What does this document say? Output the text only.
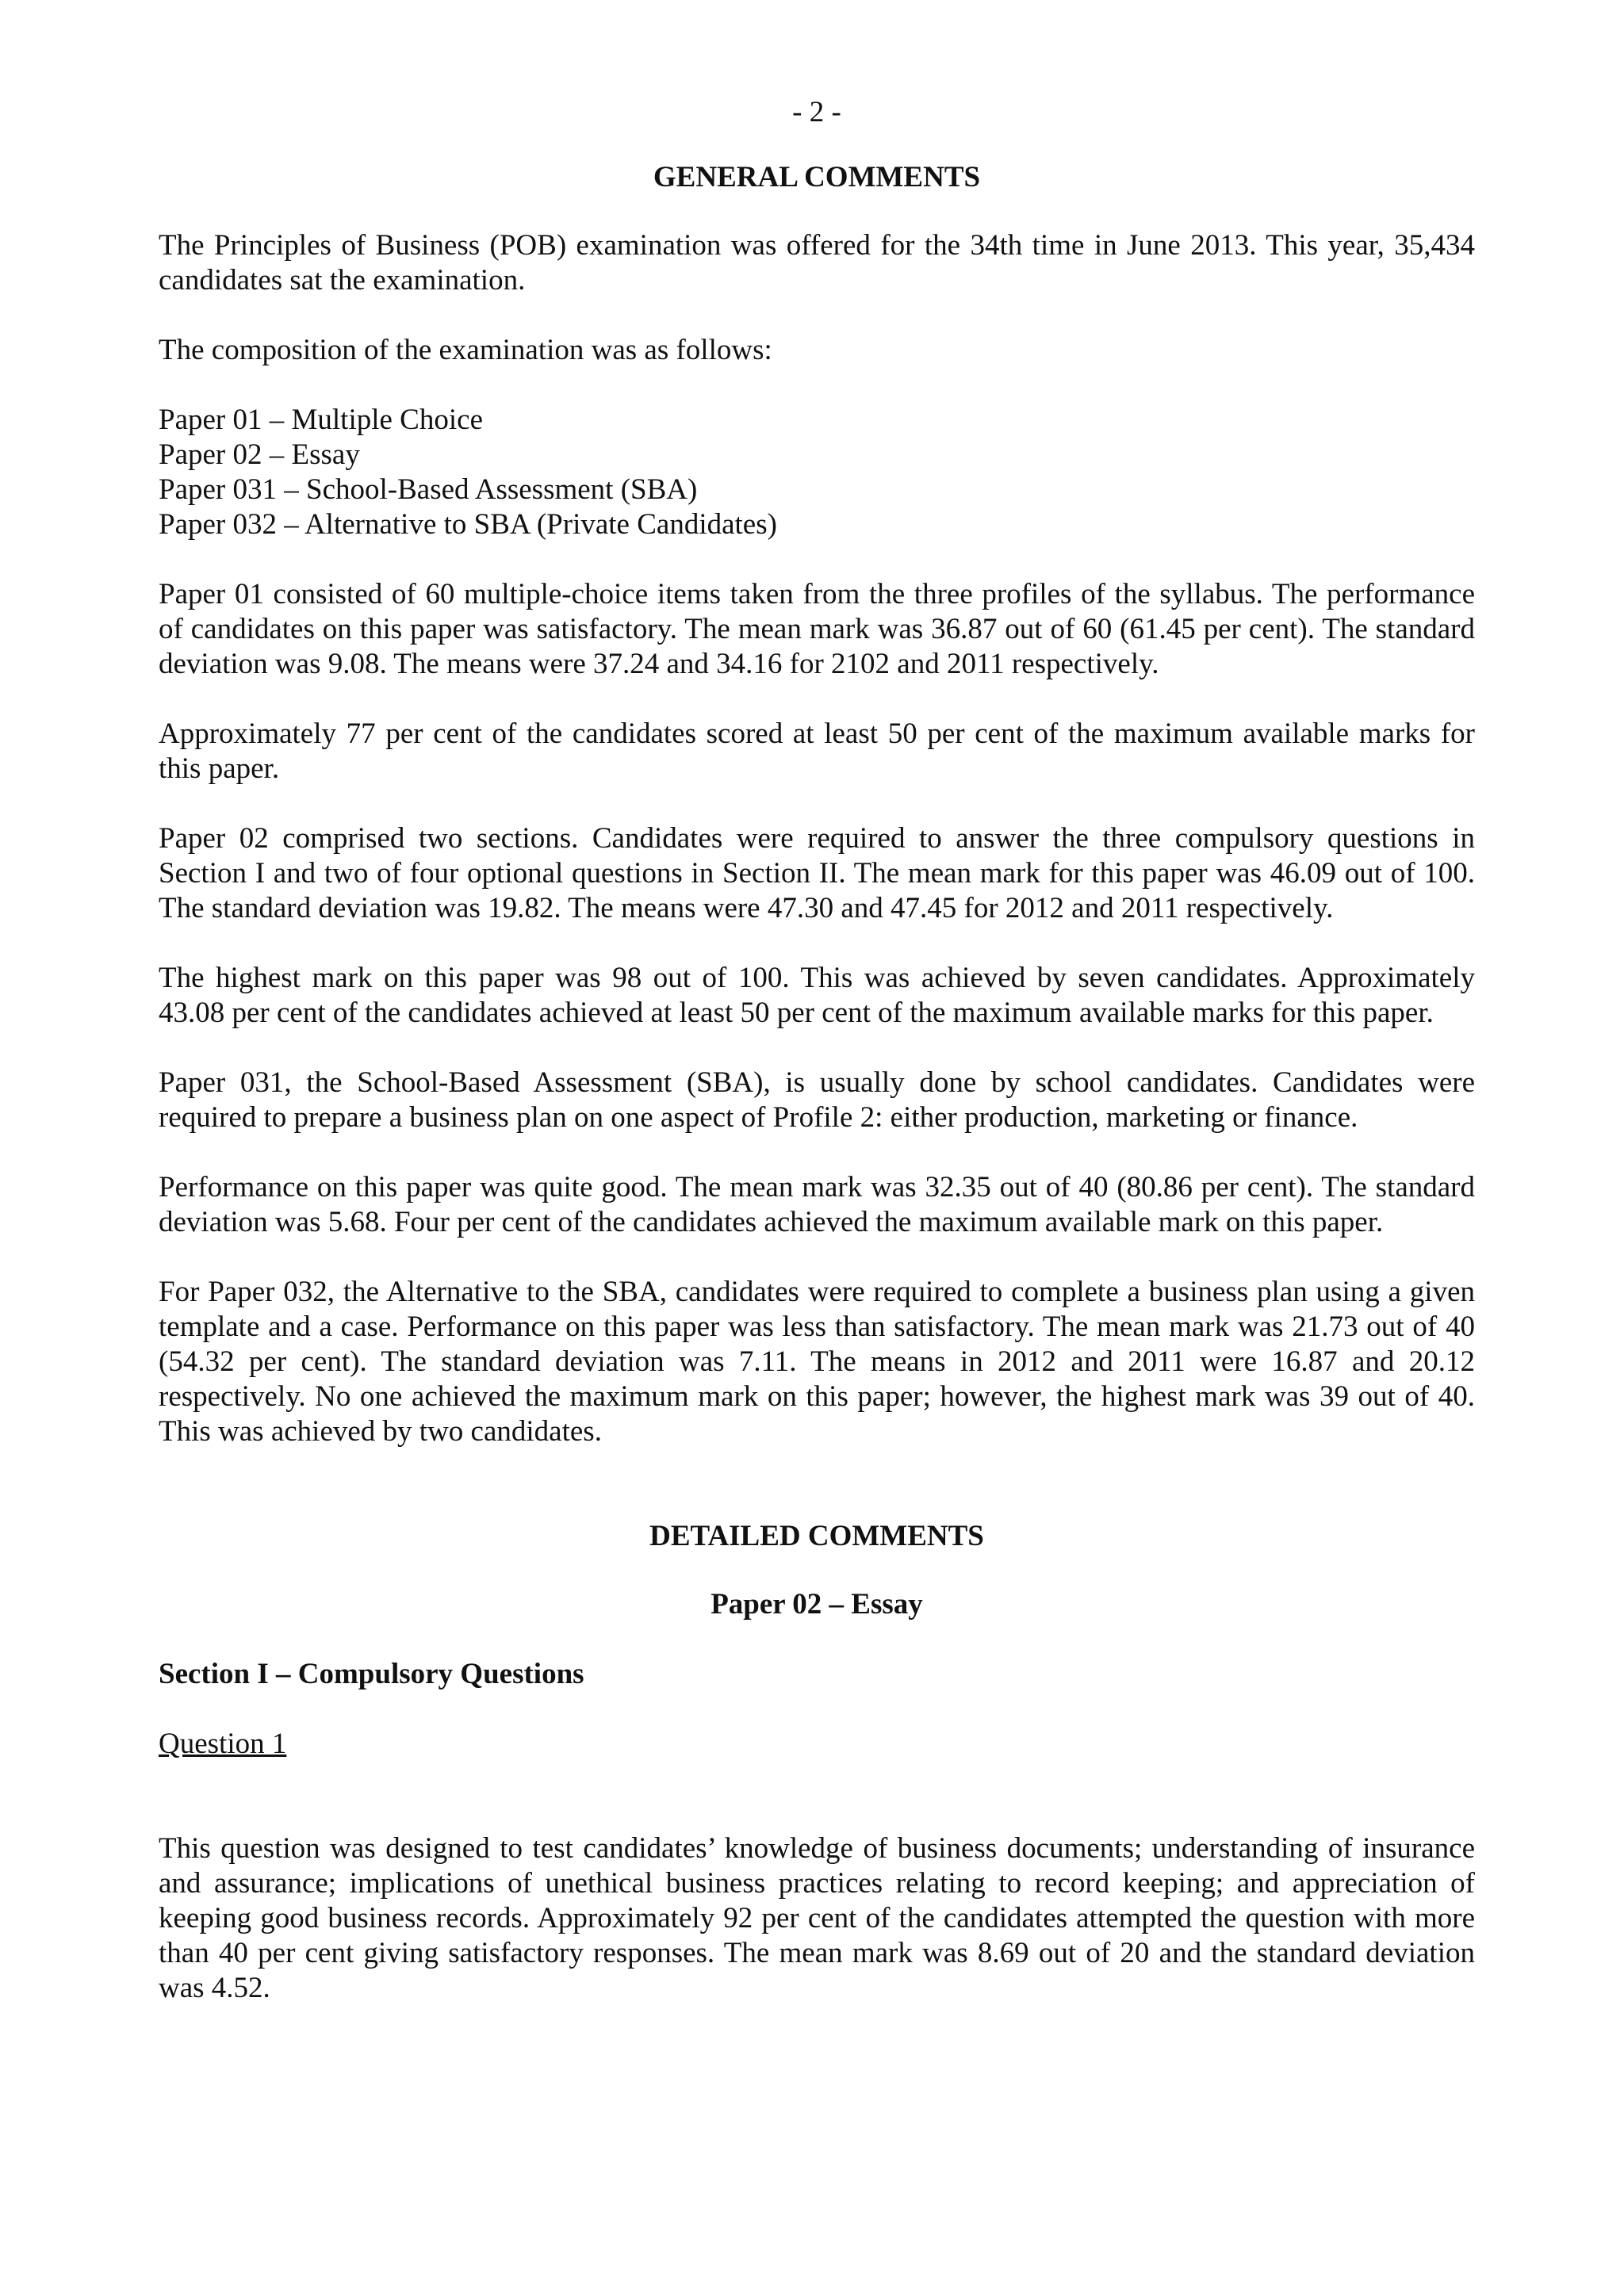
- 2 -
GENERAL COMMENTS

The Principles of Business (POB) examination was offered for the 34th time in June 2013. This year, 35,434 candidates sat the examination.

The composition of the examination was as follows:

Paper 01 – Multiple Choice
Paper 02 – Essay
Paper 031 – School-Based Assessment (SBA)
Paper 032 – Alternative to SBA (Private Candidates)

Paper 01 consisted of 60 multiple-choice items taken from the three profiles of the syllabus. The performance of candidates on this paper was satisfactory. The mean mark was 36.87 out of 60 (61.45 per cent). The standard deviation was 9.08. The means were 37.24 and 34.16 for 2102 and 2011 respectively.

Approximately 77 per cent of the candidates scored at least 50 per cent of the maximum available marks for this paper.

Paper 02 comprised two sections. Candidates were required to answer the three compulsory questions in Section I and two of four optional questions in Section II. The mean mark for this paper was 46.09 out of 100. The standard deviation was 19.82. The means were 47.30 and 47.45 for 2012 and 2011 respectively.

The highest mark on this paper was 98 out of 100. This was achieved by seven candidates. Approximately 43.08 per cent of the candidates achieved at least 50 per cent of the maximum available marks for this paper.

Paper 031, the School-Based Assessment (SBA), is usually done by school candidates. Candidates were required to prepare a business plan on one aspect of Profile 2: either production, marketing or finance.

Performance on this paper was quite good. The mean mark was 32.35 out of 40 (80.86 per cent). The standard deviation was 5.68. Four per cent of the candidates achieved the maximum available mark on this paper.

For Paper 032, the Alternative to the SBA, candidates were required to complete a business plan using a given template and a case. Performance on this paper was less than satisfactory. The mean mark was 21.73 out of 40 (54.32 per cent). The standard deviation was 7.11. The means in 2012 and 2011 were 16.87 and 20.12 respectively. No one achieved the maximum mark on this paper; however, the highest mark was 39 out of 40. This was achieved by two candidates.

DETAILED COMMENTS
Paper 02 – Essay
Section I – Compulsory Questions
Question 1

This question was designed to test candidates’ knowledge of business documents; understanding of insurance and assurance; implications of unethical business practices relating to record keeping; and appreciation of keeping good business records. Approximately 92 per cent of the candidates attempted the question with more than 40 per cent giving satisfactory responses. The mean mark was 8.69 out of 20 and the standard deviation was 4.52.
